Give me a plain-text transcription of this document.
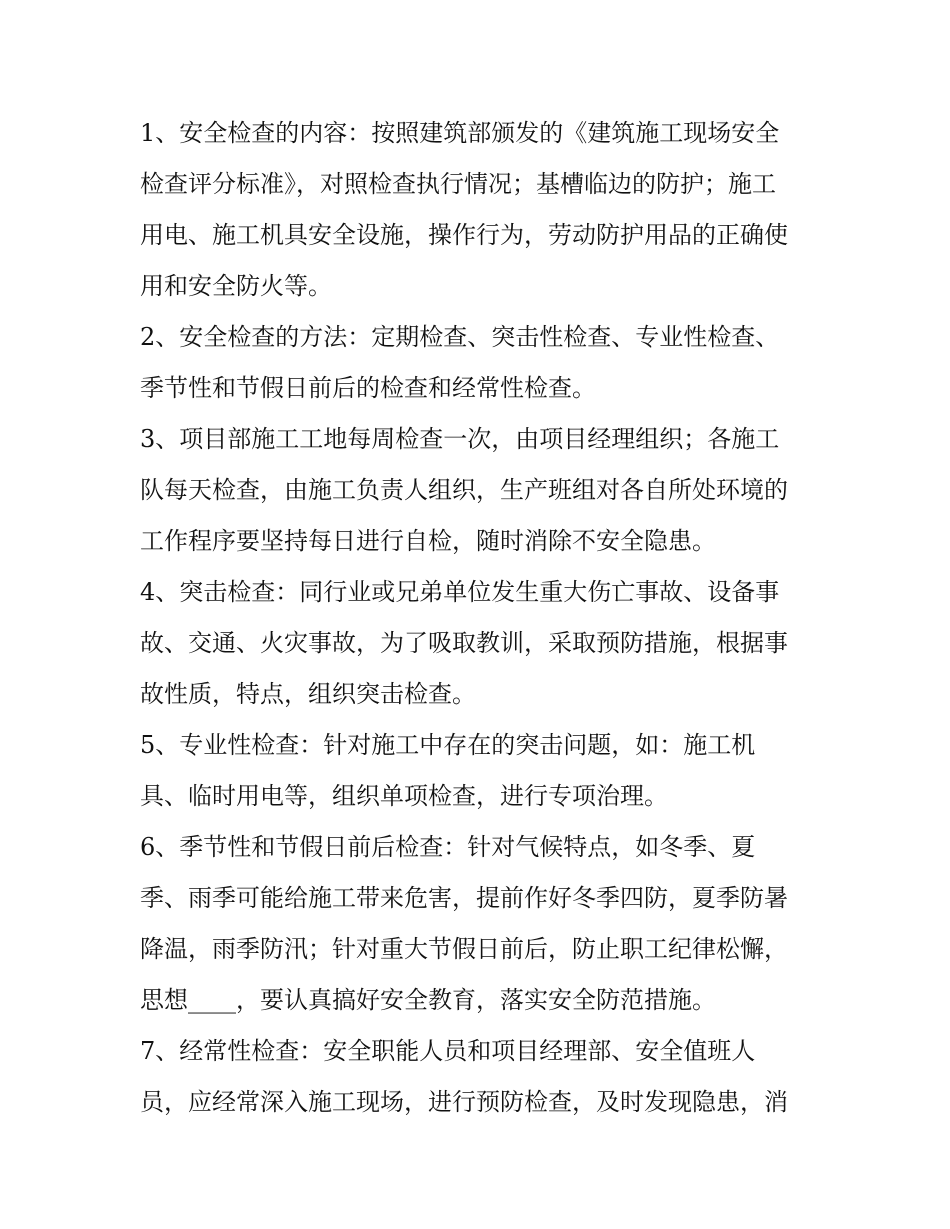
1、安全检查的内容：按照建筑部颁发的《建筑施工现场安全
检查评分标准》，对照检查执行情况；基槽临边的防护；施工
用电、施工机具安全设施，操作行为，劳动防护用品的正确使
用和安全防火等。
2、安全检查的方法：定期检查、突击性检查、专业性检查、
季节性和节假日前后的检查和经常性检查。
3、项目部施工工地每周检查一次，由项目经理组织；各施工
队每天检查，由施工负责人组织，生产班组对各自所处环境的
工作程序要坚持每日进行自检，随时消除不安全隐患。
4、突击检查：同行业或兄弟单位发生重大伤亡事故、设备事
故、交通、火灾事故，为了吸取教训，采取预防措施，根据事
故性质，特点，组织突击检查。
5、专业性检查：针对施工中存在的突击问题，如：施工机
具、临时用电等，组织单项检查，进行专项治理。
6、季节性和节假日前后检查：针对气候特点，如冬季、夏
季、雨季可能给施工带来危害，提前作好冬季四防，夏季防暑
降温，雨季防汛；针对重大节假日前后，防止职工纪律松懈，
思想____，要认真搞好安全教育，落实安全防范措施。
7、经常性检查：安全职能人员和项目经理部、安全值班人
员，应经常深入施工现场，进行预防检查，及时发现隐患，消
